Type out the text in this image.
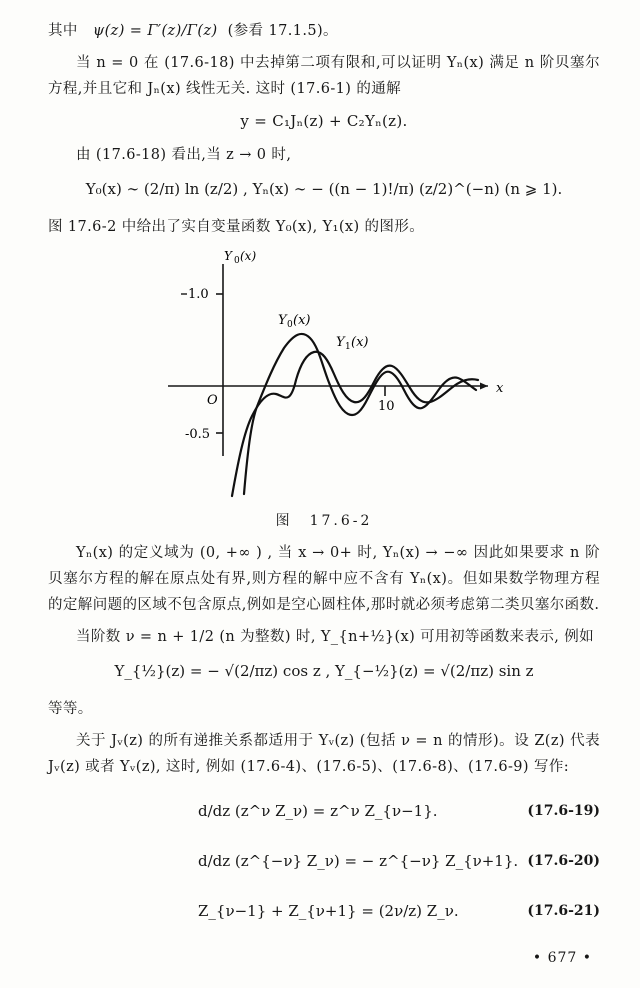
其中 ψ(z) = Γ′(z)/Γ(z) (参看 17.1.5)。

当 n = 0 在 (17.6-18) 中去掉第二项有限和,可以证明 Yₙ(x) 满足 n 阶贝塞尔方程,并且它和 Jₙ(x) 线性无关. 这时 (17.6-1) 的通解

y = C₁Jₙ(z) + C₂Yₙ(z).

由 (17.6-18) 看出,当 z → 0 时,

Y₀(x) ∼ (2/π) ln (z/2) , Yₙ(x) ∼ − ((n − 1)!/π) (z/2)^(−n) (n ⩾ 1).

图 17.6-2 中给出了实自变量函数 Y₀(x), Y₁(x) 的图形。

Y 0 (x)
1.0
-0.5
O	10
x
Y 0 (x)
Y 1 (x)
图　17.6-2

Yₙ(x) 的定义域为 (0, +∞ ) , 当 x → 0+ 时, Yₙ(x) → −∞ 因此如果要求 n 阶贝塞尔方程的解在原点处有界,则方程的解中应不含有 Yₙ(x)。但如果数学物理方程的定解问题的区域不包含原点,例如是空心圆柱体,那时就必须考虑第二类贝塞尔函数.

当阶数 ν = n + 1/2 (n 为整数) 时, Y_{n+½}(x) 可用初等函数来表示, 例如

Y_{½}(z) = − √(2/πz) cos z , Y_{−½}(z) = √(2/πz) sin z

等等。

关于 Jᵥ(z) 的所有递推关系都适用于 Yᵥ(z) (包括 ν = n 的情形)。设 Z(z) 代表 Jᵥ(z) 或者 Yᵥ(z), 这时, 例如 (17.6-4)、(17.6-5)、(17.6-8)、(17.6-9) 写作:

d/dz (z^ν Z_ν) = z^ν Z_{ν−1}.	(17.6-19)
d/dz (z^{−ν} Z_ν) = − z^{−ν} Z_{ν+1}. (17.6-20)
Z_{ν−1} + Z_{ν+1} = (2ν/z) Z_ν.	(17.6-21)
• 677 •
